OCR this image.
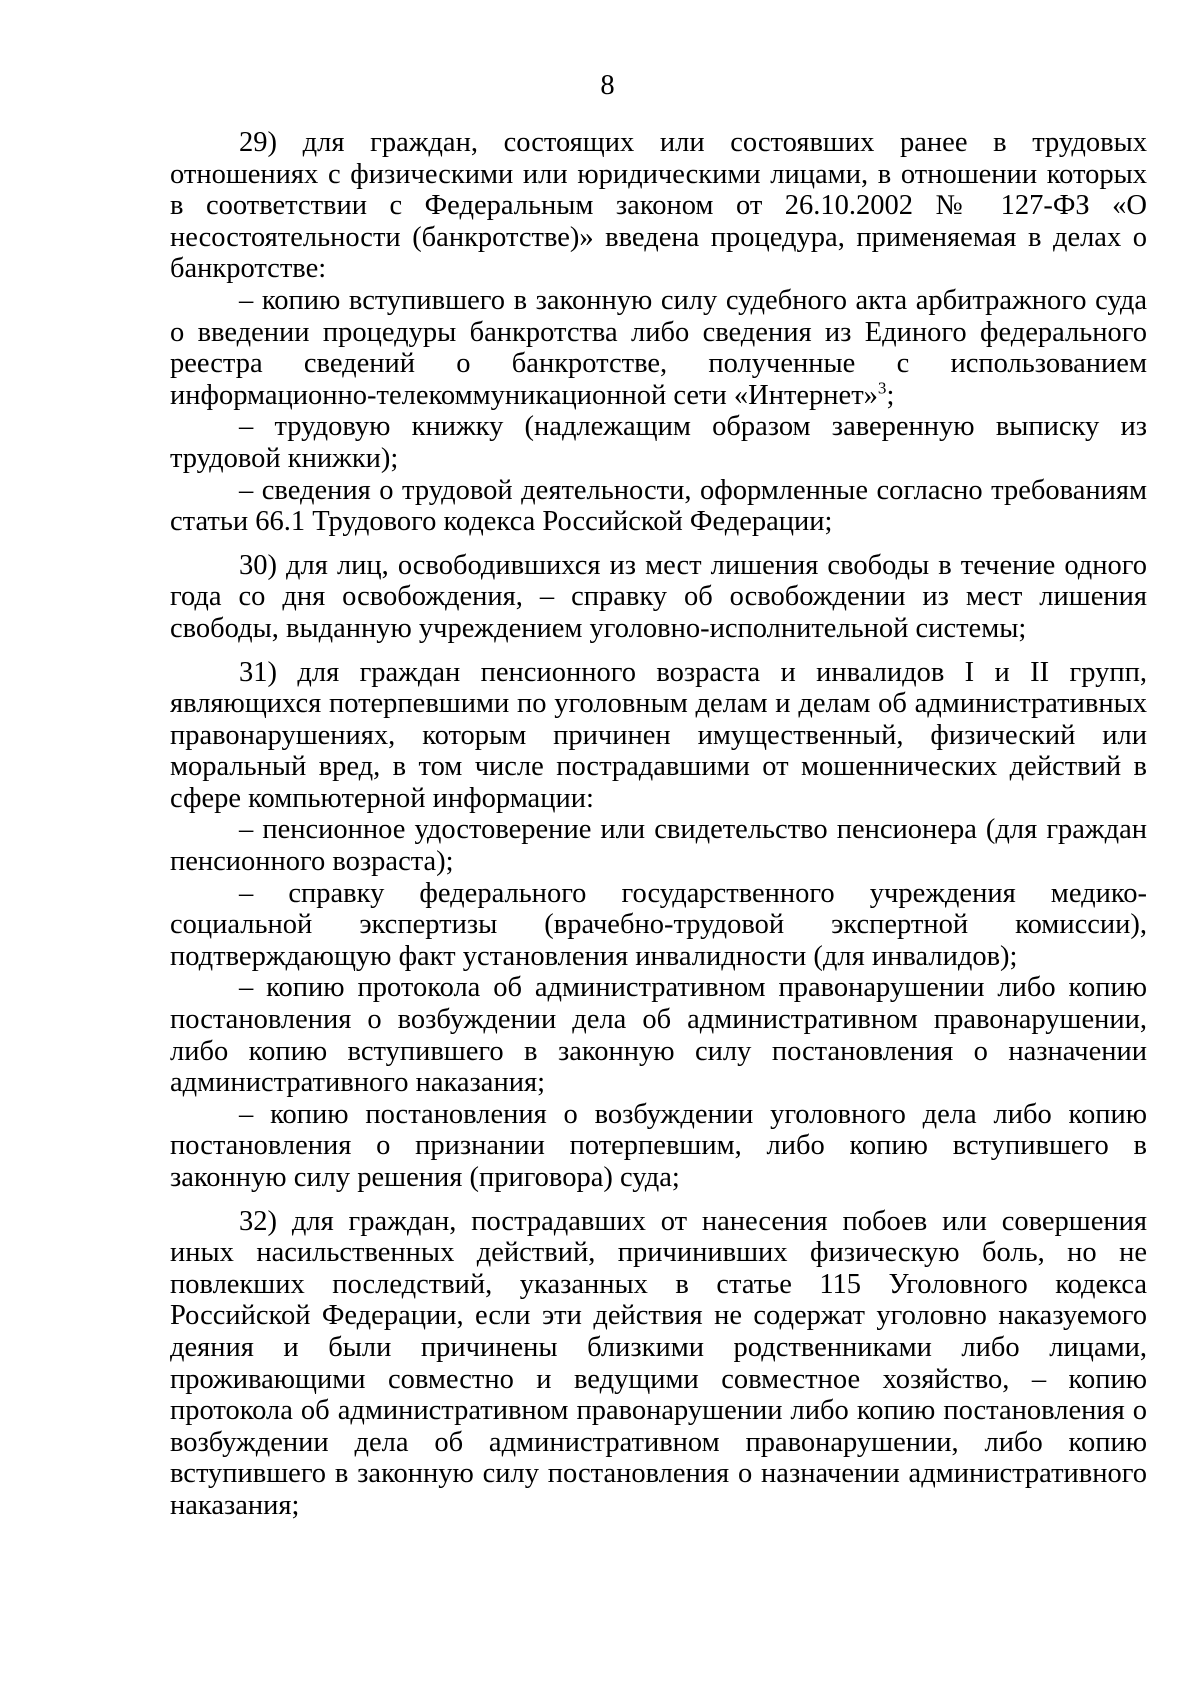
8

29) для граждан, состоящих или состоявших ранее в трудовых отношениях с физическими или юридическими лицами, в отношении которых в соответствии с Федеральным законом от 26.10.2002 № 127-ФЗ «О несостоятельности (банкротстве)» введена процедура, применяемая в делах о банкротстве:

– копию вступившего в законную силу судебного акта арбитражного суда о введении процедуры банкротства либо сведения из Единого федерального реестра сведений о банкротстве, полученные с использованием информационно-телекоммуникационной сети «Интернет»$^3$;

– трудовую книжку (надлежащим образом заверенную выписку из трудовой книжки);

– сведения о трудовой деятельности, оформленные согласно требованиям статьи 66.1 Трудового кодекса Российской Федерации;

30) для лиц, освободившихся из мест лишения свободы в течение одного года со дня освобождения, – справку об освобождении из мест лишения свободы, выданную учреждением уголовно-исполнительной системы;

31) для граждан пенсионного возраста и инвалидов I и II групп, являющихся потерпевшими по уголовным делам и делам об административных правонарушениях, которым причинен имущественный, физический или моральный вред, в том числе пострадавшими от мошеннических действий в сфере компьютерной информации:

– пенсионное удостоверение или свидетельство пенсионера (для граждан пенсионного возраста);

– справку федерального государственного учреждения медико-социальной экспертизы (врачебно-трудовой экспертной комиссии), подтверждающую факт установления инвалидности (для инвалидов);

– копию протокола об административном правонарушении либо копию постановления о возбуждении дела об административном правонарушении, либо копию вступившего в законную силу постановления о назначении административного наказания;

– копию постановления о возбуждении уголовного дела либо копию постановления о признании потерпевшим, либо копию вступившего в законную силу решения (приговора) суда;

32) для граждан, пострадавших от нанесения побоев или совершения иных насильственных действий, причинивших физическую боль, но не повлекших последствий, указанных в статье 115 Уголовного кодекса Российской Федерации, если эти действия не содержат уголовно наказуемого деяния и были причинены близкими родственниками либо лицами, проживающими совместно и ведущими совместное хозяйство, – копию протокола об административном правонарушении либо копию постановления о возбуждении дела об административном правонарушении, либо копию вступившего в законную силу постановления о назначении административного наказания;
